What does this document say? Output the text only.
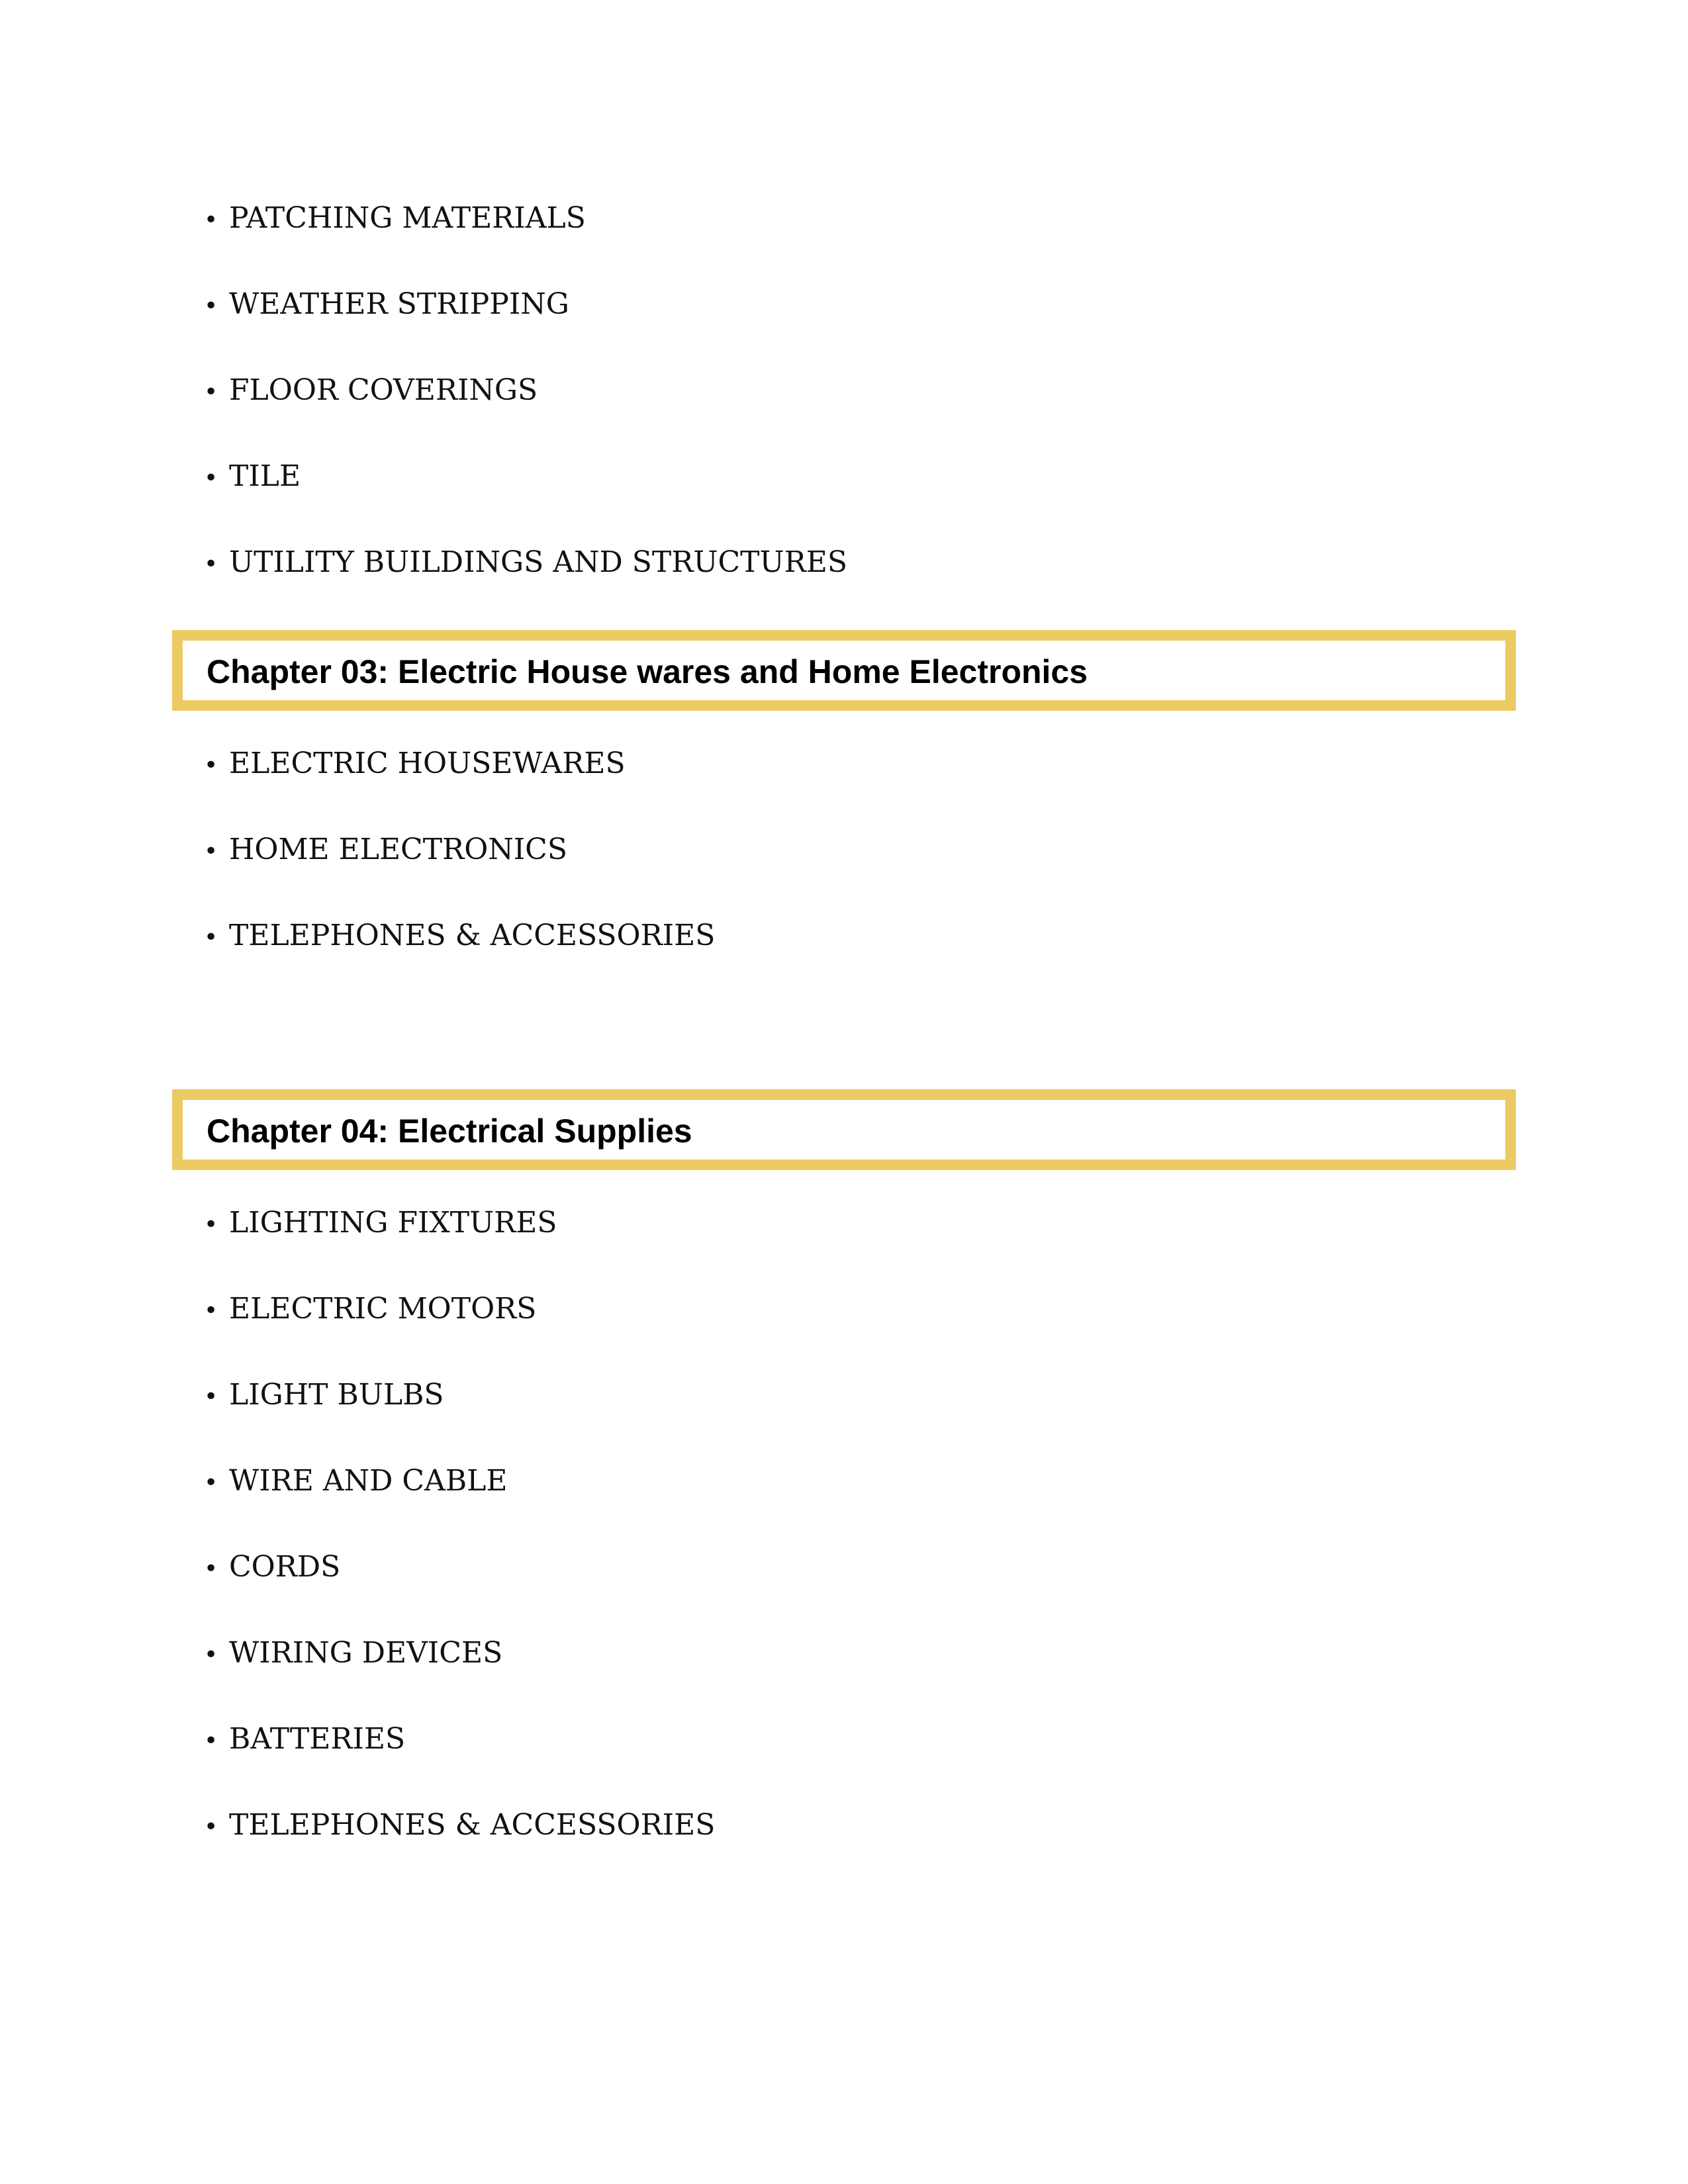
• PATCHING MATERIALS
• WEATHER STRIPPING
• FLOOR COVERINGS
• TILE
• UTILITY BUILDINGS AND STRUCTURES
Chapter 03: Electric House wares and Home Electronics
• ELECTRIC HOUSEWARES
• HOME ELECTRONICS
• TELEPHONES & ACCESSORIES
Chapter 04: Electrical Supplies
• LIGHTING FIXTURES
• ELECTRIC MOTORS
• LIGHT BULBS
• WIRE AND CABLE
• CORDS
• WIRING DEVICES
• BATTERIES
• TELEPHONES & ACCESSORIES
